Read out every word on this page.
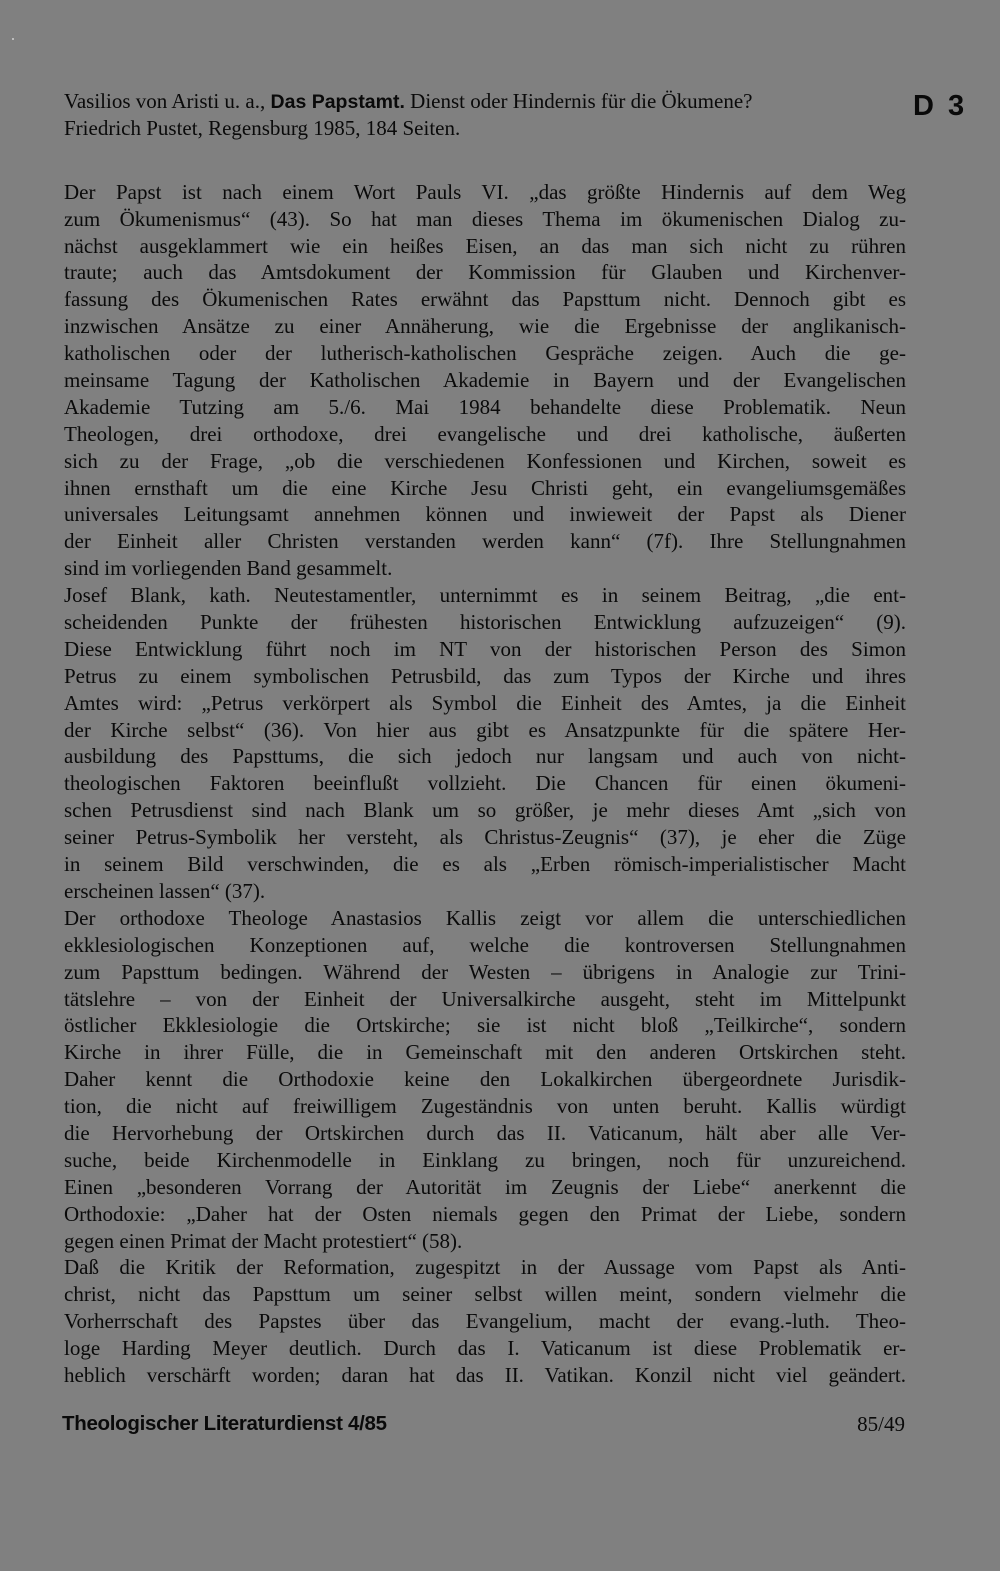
D 3
Vasilios von Aristi u. a., Das Papstamt. Dienst oder Hindernis für die Ökumene?
Friedrich Pustet, Regensburg 1985, 184 Seiten.
Der Papst ist nach einem Wort Pauls VI. „das größte Hindernis auf dem Weg
zum Ökumenismus“ (43). So hat man dieses Thema im ökumenischen Dialog zu-
nächst ausgeklammert wie ein heißes Eisen, an das man sich nicht zu rühren
traute; auch das Amtsdokument der Kommission für Glauben und Kirchenver-
fassung des Ökumenischen Rates erwähnt das Papsttum nicht. Dennoch gibt es
inzwischen Ansätze zu einer Annäherung, wie die Ergebnisse der anglikanisch-
katholischen oder der lutherisch-katholischen Gespräche zeigen. Auch die ge-
meinsame Tagung der Katholischen Akademie in Bayern und der Evangelischen
Akademie Tutzing am 5./6. Mai 1984 behandelte diese Problematik. Neun
Theologen, drei orthodoxe, drei evangelische und drei katholische, äußerten
sich zu der Frage, „ob die verschiedenen Konfessionen und Kirchen, soweit es
ihnen ernsthaft um die eine Kirche Jesu Christi geht, ein evangeliumsgemäßes
universales Leitungsamt annehmen können und inwieweit der Papst als Diener
der Einheit aller Christen verstanden werden kann“ (7f). Ihre Stellungnahmen
sind im vorliegenden Band gesammelt.
Josef Blank, kath. Neutestamentler, unternimmt es in seinem Beitrag, „die ent-
scheidenden Punkte der frühesten historischen Entwicklung aufzuzeigen“ (9).
Diese Entwicklung führt noch im NT von der historischen Person des Simon
Petrus zu einem symbolischen Petrusbild, das zum Typos der Kirche und ihres
Amtes wird: „Petrus verkörpert als Symbol die Einheit des Amtes, ja die Einheit
der Kirche selbst“ (36). Von hier aus gibt es Ansatzpunkte für die spätere Her-
ausbildung des Papsttums, die sich jedoch nur langsam und auch von nicht-
theologischen Faktoren beeinflußt vollzieht. Die Chancen für einen ökumeni-
schen Petrusdienst sind nach Blank um so größer, je mehr dieses Amt „sich von
seiner Petrus-Symbolik her versteht, als Christus-Zeugnis“ (37), je eher die Züge
in seinem Bild verschwinden, die es als „Erben römisch-imperialistischer Macht
erscheinen lassen“ (37).
Der orthodoxe Theologe Anastasios Kallis zeigt vor allem die unterschiedlichen
ekklesiologischen Konzeptionen auf, welche die kontroversen Stellungnahmen
zum Papsttum bedingen. Während der Westen – übrigens in Analogie zur Trini-
tätslehre – von der Einheit der Universalkirche ausgeht, steht im Mittelpunkt
östlicher Ekklesiologie die Ortskirche; sie ist nicht bloß „Teilkirche“, sondern
Kirche in ihrer Fülle, die in Gemeinschaft mit den anderen Ortskirchen steht.
Daher kennt die Orthodoxie keine den Lokalkirchen übergeordnete Jurisdik-
tion, die nicht auf freiwilligem Zugeständnis von unten beruht. Kallis würdigt
die Hervorhebung der Ortskirchen durch das II. Vaticanum, hält aber alle Ver-
suche, beide Kirchenmodelle in Einklang zu bringen, noch für unzureichend.
Einen „besonderen Vorrang der Autorität im Zeugnis der Liebe“ anerkennt die
Orthodoxie: „Daher hat der Osten niemals gegen den Primat der Liebe, sondern
gegen einen Primat der Macht protestiert“ (58).
Daß die Kritik der Reformation, zugespitzt in der Aussage vom Papst als Anti-
christ, nicht das Papsttum um seiner selbst willen meint, sondern vielmehr die
Vorherrschaft des Papstes über das Evangelium, macht der evang.-luth. Theo-
loge Harding Meyer deutlich. Durch das I. Vaticanum ist diese Problematik er-
heblich verschärft worden; daran hat das II. Vatikan. Konzil nicht viel geändert.
Theologischer Literaturdienst 4/85	85/49
